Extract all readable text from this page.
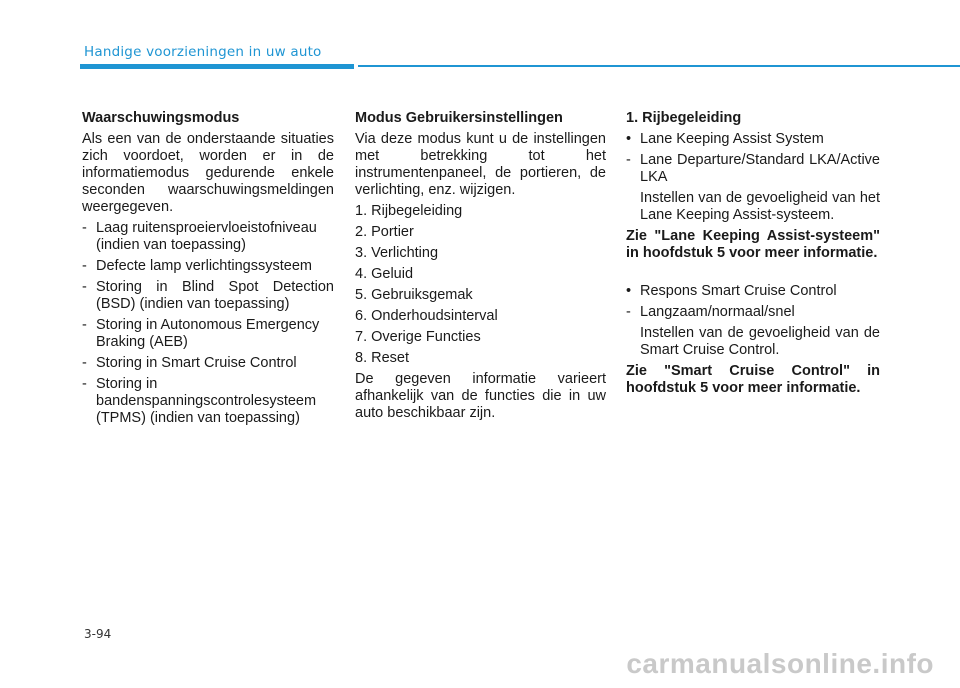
Handige voorzieningen in uw auto

Waarschuwingsmodus

Als een van de onderstaande situaties zich voordoet, worden er in de informatiemodus gedurende enkele seconden waarschuwingsmeldingen weergegeven.

- Laag ruitensproeiervloeistofniveau (indien van toepassing)
- Defecte lamp verlichtingssysteem
- Storing in Blind Spot Detection (BSD) (indien van toepassing)
- Storing in Autonomous Emergency Braking (AEB)
- Storing in Smart Cruise Control
- Storing in bandenspanningscontrolesysteem (TPMS) (indien van toepassing)

Modus Gebruikersinstellingen

Via deze modus kunt u de instellingen met betrekking tot het instrumentenpaneel, de portieren, de verlichting, enz. wijzigen.

1. Rijbegeleiding

2. Portier

3. Verlichting

4. Geluid

5. Gebruiksgemak

6. Onderhoudsinterval

7. Overige Functies

8. Reset

De gegeven informatie varieert afhankelijk van de functies die in uw auto beschikbaar zijn.

1. Rijbegeleiding

• Lane Keeping Assist System
- Lane Departure/Standard LKA/Active LKA

Instellen van de gevoeligheid van het Lane Keeping Assist-systeem.

Zie "Lane Keeping Assist-systeem" in hoofdstuk 5 voor meer informatie.

• Respons Smart Cruise Control
- Langzaam/normaal/snel

Instellen van de gevoeligheid van de Smart Cruise Control.

Zie "Smart Cruise Control" in hoofdstuk 5 voor meer informatie.

3-94
carmanualsonline.info
